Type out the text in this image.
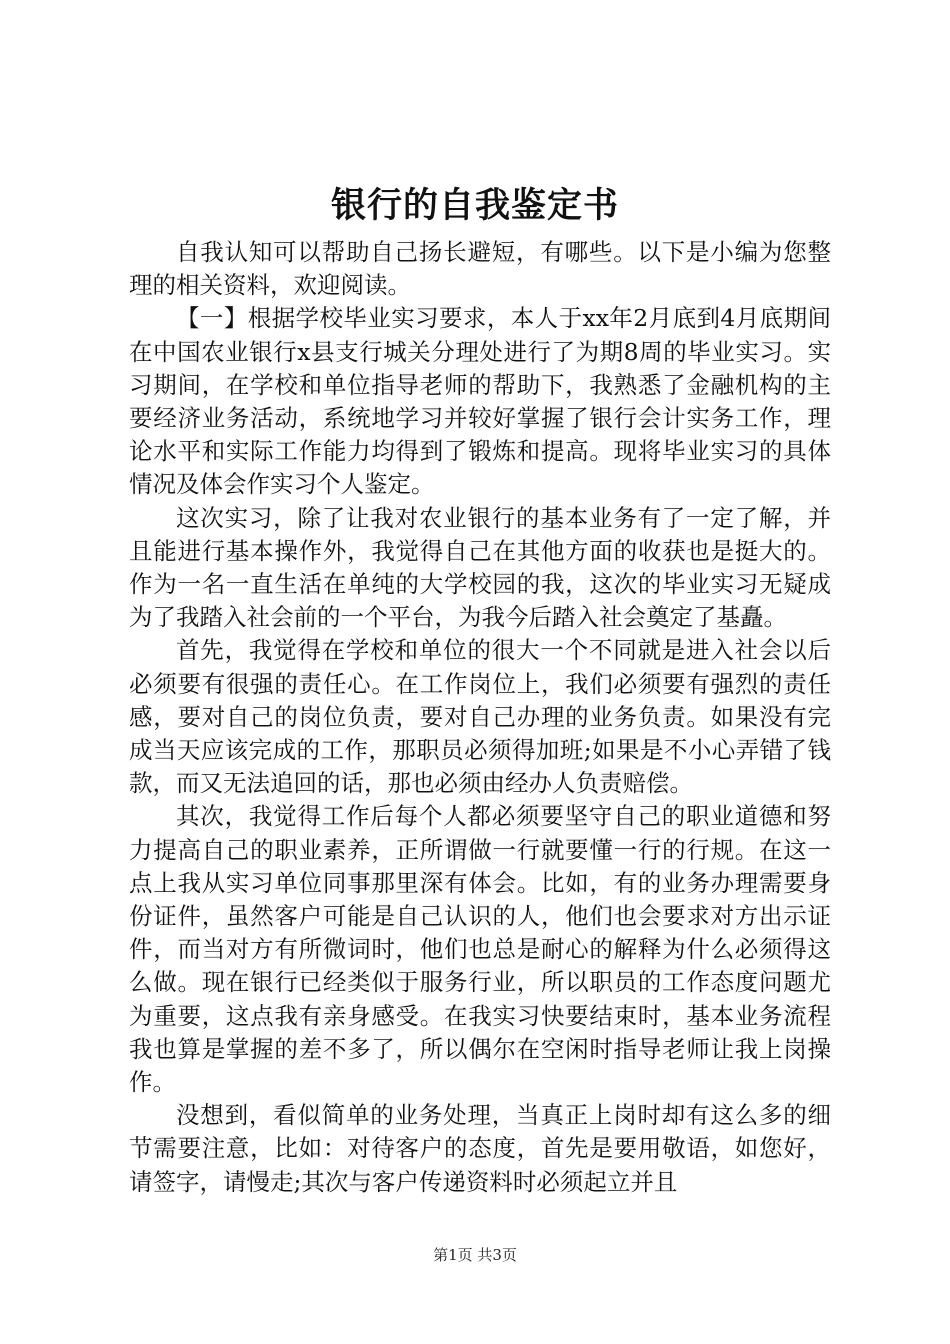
银行的自我鉴定书

自我认知可以帮助自己扬长避短，有哪些。以下是小编为您整理的相关资料，欢迎阅读。

【一】根据学校毕业实习要求，本人于xx年2月底到4月底期间在中国农业银行x县支行城关分理处进行了为期8周的毕业实习。实习期间，在学校和单位指导老师的帮助下，我熟悉了金融机构的主要经济业务活动，系统地学习并较好掌握了银行会计实务工作，理论水平和实际工作能力均得到了锻炼和提高。现将毕业实习的具体情况及体会作实习个人鉴定。

这次实习，除了让我对农业银行的基本业务有了一定了解，并且能进行基本操作外，我觉得自己在其他方面的收获也是挺大的。作为一名一直生活在单纯的大学校园的我，这次的毕业实习无疑成为了我踏入社会前的一个平台，为我今后踏入社会奠定了基矗。

首先，我觉得在学校和单位的很大一个不同就是进入社会以后必须要有很强的责任心。在工作岗位上，我们必须要有强烈的责任感，要对自己的岗位负责，要对自己办理的业务负责。如果没有完成当天应该完成的工作，那职员必须得加班;如果是不小心弄错了钱款，而又无法追回的话，那也必须由经办人负责赔偿。

其次，我觉得工作后每个人都必须要坚守自己的职业道德和努力提高自己的职业素养，正所谓做一行就要懂一行的行规。在这一点上我从实习单位同事那里深有体会。比如，有的业务办理需要身份证件，虽然客户可能是自己认识的人，他们也会要求对方出示证件，而当对方有所微词时，他们也总是耐心的解释为什么必须得这么做。现在银行已经类似于服务行业，所以职员的工作态度问题尤为重要，这点我有亲身感受。在我实习快要结束时，基本业务流程我也算是掌握的差不多了，所以偶尔在空闲时指导老师让我上岗操作。

没想到，看似简单的业务处理，当真正上岗时却有这么多的细节需要注意，比如：对待客户的态度，首先是要用敬语，如您好，请签字，请慢走;其次与客户传递资料时必须起立并且

第1页 共3页
